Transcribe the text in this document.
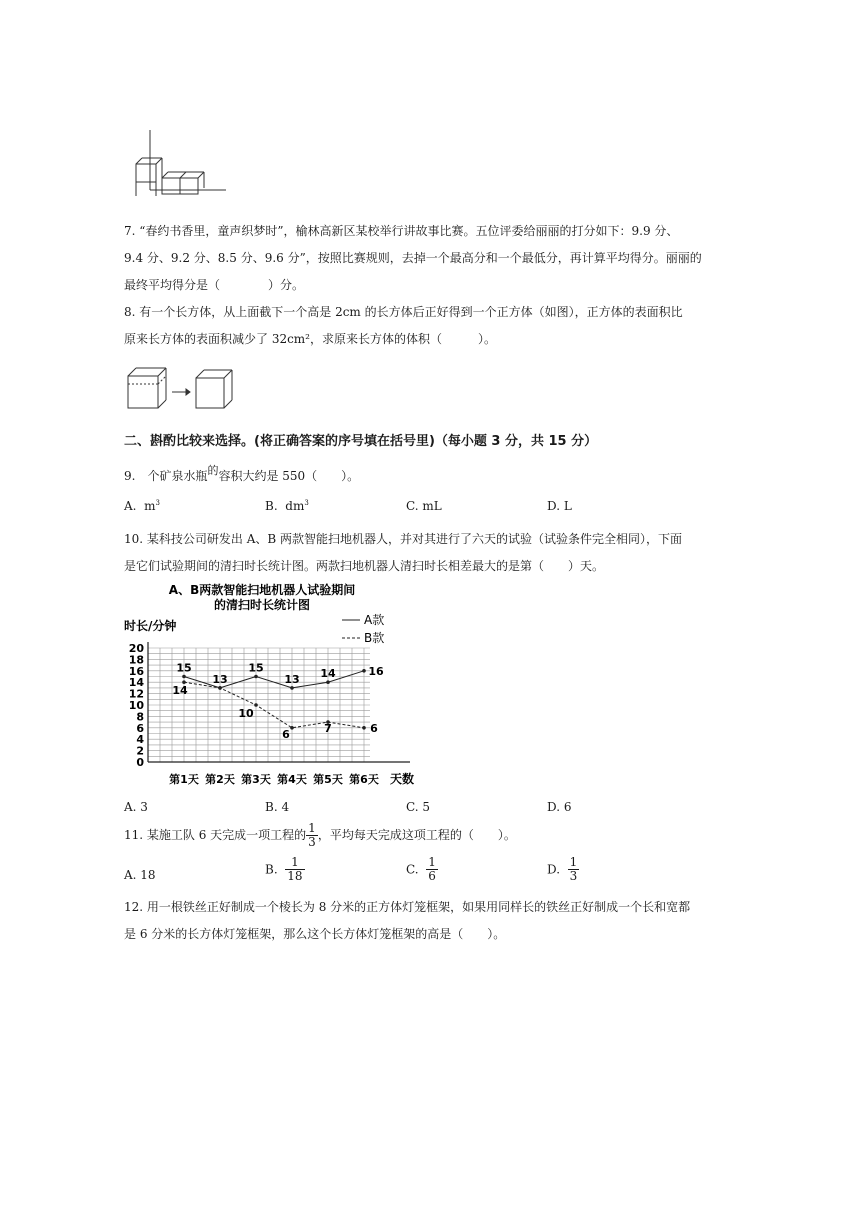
7. “春约书香里，童声织梦时”，榆林高新区某校举行讲故事比赛。五位评委给丽丽的打分如下：9.9 分、
9.4 分、9.2 分、8.5 分、9.6 分”，按照比赛规则，去掉一个最高分和一个最低分，再计算平均得分。丽丽的
最终平均得分是（　　　　）分。
8. 有一个长方体，从上面截下一个高是 2cm 的长方体后正好得到一个正方体（如图），正方体的表面积比
原来长方体的表面积减少了 32cm²，求原来长方体的体积（　　　）。
二、斟酌比较来选择。(将正确答案的序号填在括号里)（每小题 3 分，共 15 分）
9.　个矿泉水瓶$^的$容积大约是 550（　　）。
A. $m^3$	B. $dm^3$	C. mL	D. L
10. 某科技公司研发出 A、B 两款智能扫地机器人，并对其进行了六天的试验（试验条件完全相同），下面
是它们试验期间的清扫时长统计图。两款扫地机器人清扫时长相差最大的是第（　　）天。
A、B两款智能扫地机器人试验期间
的清扫时长统计图
时长/分钟
天数
A款
B款
0
2
4
6
8
10
12
14
16
18
20
第1天 第2天 第3天 第4天 第5天 第6天
15
13
15
13 14	16
14
10
6	7	6
A. 3	B. 4	C. 5	D. 6
11. 某施工队 6 天完成一项工程的 $\frac{1}{3}$ ，平均每天完成这项工程的（　　）。
A. 18	B. $\frac{1}{18}$	C. $\frac{1}{6}$	D. $\frac{1}{3}$
12. 用一根铁丝正好制成一个棱长为 8 分米的正方体灯笼框架，如果用同样长的铁丝正好制成一个长和宽都
是 6 分米的长方体灯笼框架，那么这个长方体灯笼框架的高是（　　）。
